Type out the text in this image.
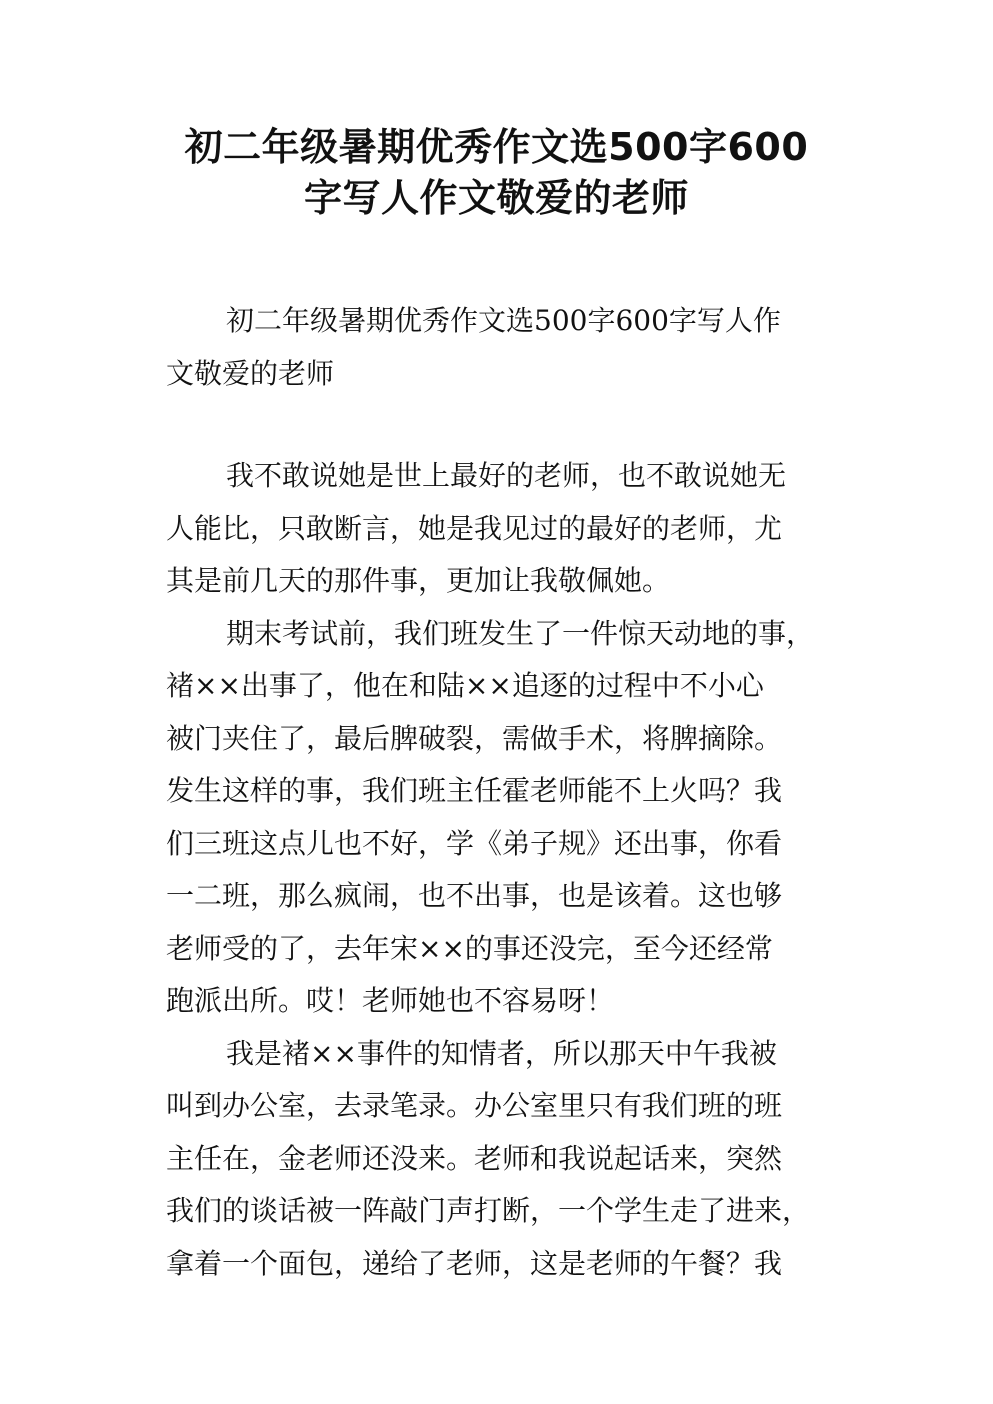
初二年级暑期优秀作文选500字600
字写人作文敬爱的老师
初二年级暑期优秀作文选500字600字写人作
文敬爱的老师
我不敢说她是世上最好的老师，也不敢说她无
人能比，只敢断言，她是我见过的最好的老师，尤
其是前几天的那件事，更加让我敬佩她。
期末考试前，我们班发生了一件惊天动地的事，
褚××出事了，他在和陆××追逐的过程中不小心
被门夹住了，最后脾破裂，需做手术，将脾摘除。
发生这样的事，我们班主任霍老师能不上火吗？我
们三班这点儿也不好，学《弟子规》还出事，你看
一二班，那么疯闹，也不出事，也是该着。这也够
老师受的了，去年宋××的事还没完，至今还经常
跑派出所。哎！老师她也不容易呀！
我是褚××事件的知情者，所以那天中午我被
叫到办公室，去录笔录。办公室里只有我们班的班
主任在，金老师还没来。老师和我说起话来，突然
我们的谈话被一阵敲门声打断，一个学生走了进来，
拿着一个面包，递给了老师，这是老师的午餐？我
